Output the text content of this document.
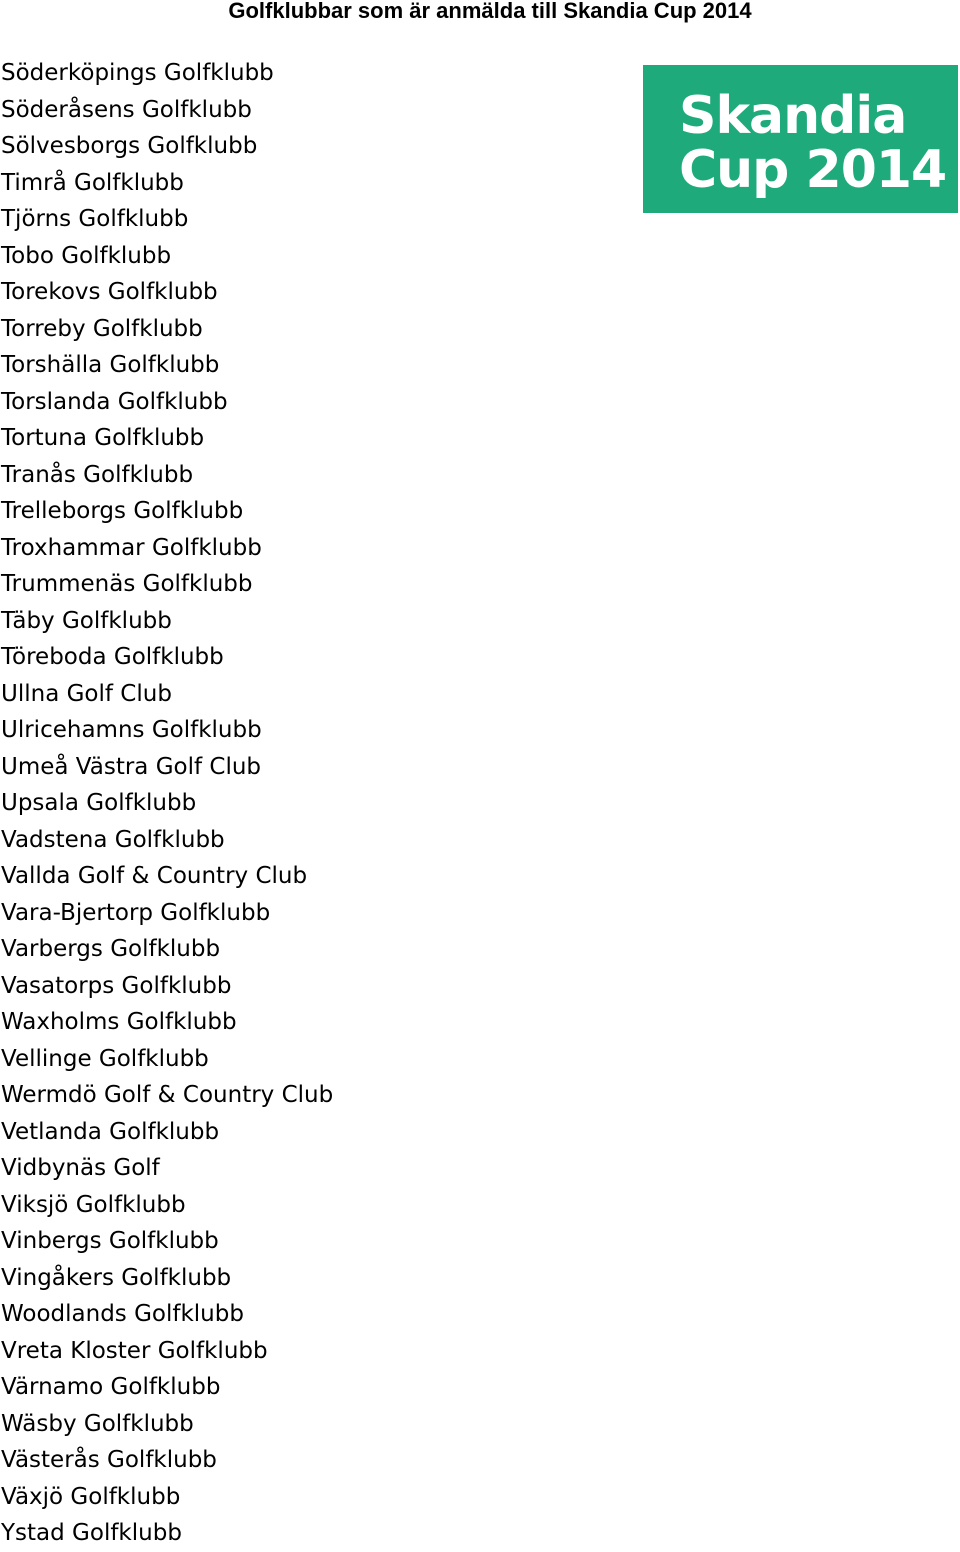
Golfklubbar som är anmälda till Skandia Cup 2014
Söderköpings Golfklubb
Söderåsens Golfklubb
Sölvesborgs Golfklubb
Timrå Golfklubb
Tjörns Golfklubb
Tobo Golfklubb
Torekovs Golfklubb
Torreby Golfklubb
Torshälla Golfklubb
Torslanda Golfklubb
Tortuna Golfklubb
Tranås Golfklubb
Trelleborgs Golfklubb
Troxhammar Golfklubb
Trummenäs Golfklubb
Täby Golfklubb
Töreboda Golfklubb
Ullna Golf Club
Ulricehamns Golfklubb
Umeå Västra Golf Club
Upsala Golfklubb
Vadstena Golfklubb
Vallda Golf & Country Club
Vara-Bjertorp Golfklubb
Varbergs Golfklubb
Vasatorps Golfklubb
Waxholms Golfklubb
Vellinge Golfklubb
Wermdö Golf & Country Club
Vetlanda Golfklubb
Vidbynäs Golf
Viksjö Golfklubb
Vinbergs Golfklubb
Vingåkers Golfklubb
Woodlands Golfklubb
Vreta Kloster Golfklubb
Värnamo Golfklubb
Wäsby Golfklubb
Västerås Golfklubb
Växjö Golfklubb
Ystad Golfklubb
Skandia
Cup 2014
